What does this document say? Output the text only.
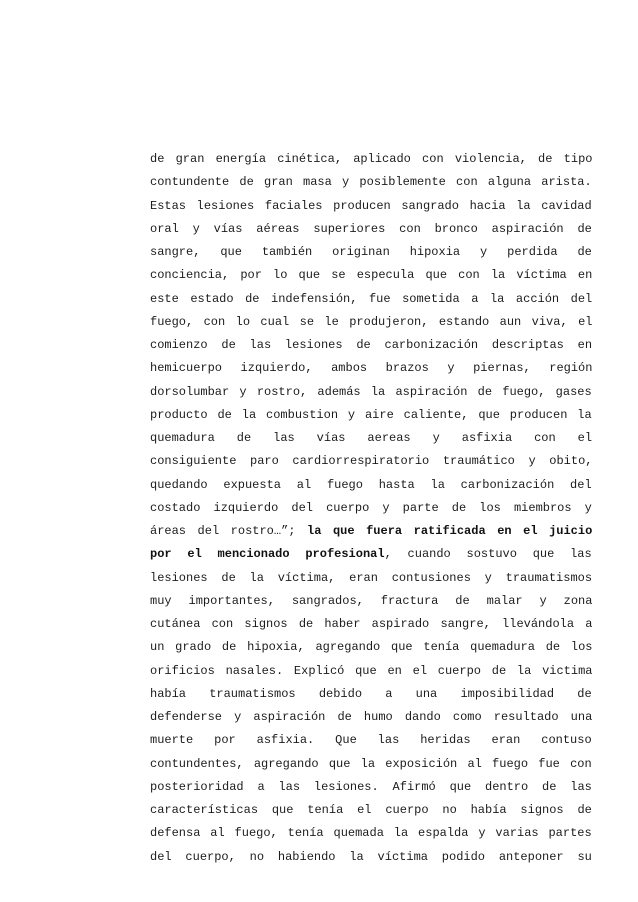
de gran energía cinética, aplicado con violencia, de tipo
contundente de gran masa y posiblemente con alguna arista.
Estas lesiones faciales producen sangrado hacia la cavidad
oral y vías aéreas superiores con bronco aspiración de
sangre, que también originan hipoxia y perdida de
conciencia, por lo que se especula que con la víctima en
este estado de indefensión, fue sometida a la acción del
fuego, con lo cual se le produjeron, estando aun viva, el
comienzo de las lesiones de carbonización descriptas en
hemicuerpo izquierdo, ambos brazos y piernas, región
dorsolumbar y rostro, además la aspiración de fuego, gases
producto de la combustion y aire caliente, que producen la
quemadura de las vías aereas y asfixia con el
consiguiente paro cardiorrespiratorio traumático y obito,
quedando expuesta al fuego hasta la carbonización del
costado izquierdo del cuerpo y parte de los miembros y
áreas del rostro…”; la que fuera ratificada en el juicio
por el mencionado profesional, cuando sostuvo que las
lesiones de la víctima, eran contusiones y traumatismos
muy importantes, sangrados, fractura de malar y zona
cutánea con signos de haber aspirado sangre, llevándola a
un grado de hipoxia, agregando que tenía quemadura de los
orificios nasales. Explicó que en el cuerpo de la victima
había traumatismos debido a una imposibilidad de
defenderse y aspiración de humo dando como resultado una
muerte por asfixia. Que las heridas eran contuso
contundentes, agregando que la exposición al fuego fue con
posterioridad a las lesiones. Afirmó que dentro de las
características que tenía el cuerpo no había signos de
defensa al fuego, tenía quemada la espalda y varias partes
del cuerpo, no habiendo la víctima podido anteponer su
